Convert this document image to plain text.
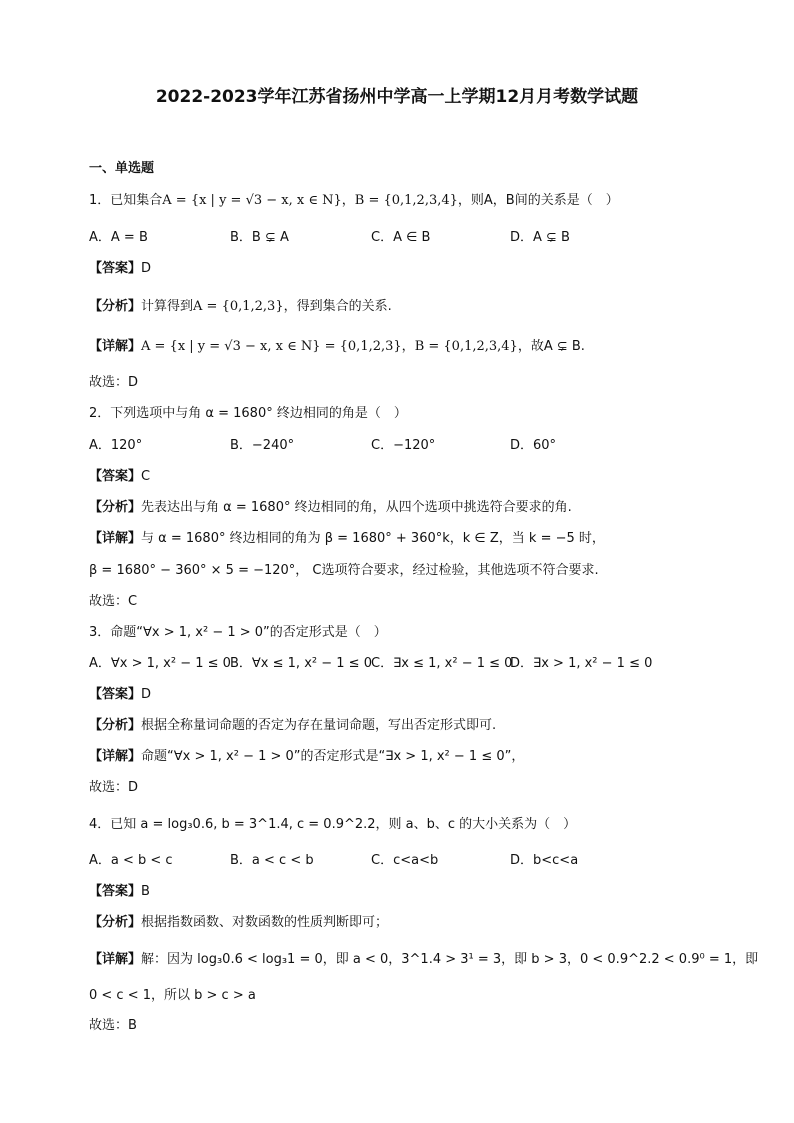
2022-2023学年江苏省扬州中学高一上学期12月月考数学试题
一、单选题
1．已知集合A = {x | y = √3 − x, x ∈ N}，B = {0,1,2,3,4}，则A，B间的关系是（　）
A．A = B	B．B ⊊ A	C．A ∈ B	D．A ⊊ B
【答案】D
【分析】计算得到A = {0,1,2,3}，得到集合的关系.
【详解】A = {x | y = √3 − x, x ∈ N} = {0,1,2,3}，B = {0,1,2,3,4}，故A ⊊ B.
故选：D
2．下列选项中与角 α = 1680° 终边相同的角是（　）
A．120°	B．−240°	C．−120°	D．60°
【答案】C
【分析】先表达出与角 α = 1680° 终边相同的角，从四个选项中挑选符合要求的角.
【详解】与 α = 1680° 终边相同的角为 β = 1680° + 360°k，k ∈ Z，当 k = −5 时，
β = 1680° − 360° × 5 = −120°， C选项符合要求，经过检验，其他选项不符合要求.
故选：C
3．命题“∀x > 1, x² − 1 > 0”的否定形式是（　）
A．∀x > 1, x² − 1 ≤ 0 B．∀x ≤ 1, x² − 1 ≤ 0 C．∃x ≤ 1, x² − 1 ≤ 0
D．∃x > 1, x² − 1 ≤ 0
【答案】D
【分析】根据全称量词命题的否定为存在量词命题，写出否定形式即可.
【详解】命题“∀x > 1, x² − 1 > 0”的否定形式是“∃x > 1, x² − 1 ≤ 0”，
故选：D
4．已知 a = log₃0.6, b = 3^1.4, c = 0.9^2.2，则 a、b、c 的大小关系为（　）
A．a < b < c	B．a < c < b	C．c<a<b	D．b<c<a
【答案】B
【分析】根据指数函数、对数函数的性质判断即可；
【详解】解：因为 log₃0.6 < log₃1 = 0，即 a < 0，3^1.4 > 3¹ = 3，即 b > 3，0 < 0.9^2.2 < 0.9⁰ = 1，即
0 < c < 1，所以 b > c > a
故选：B
